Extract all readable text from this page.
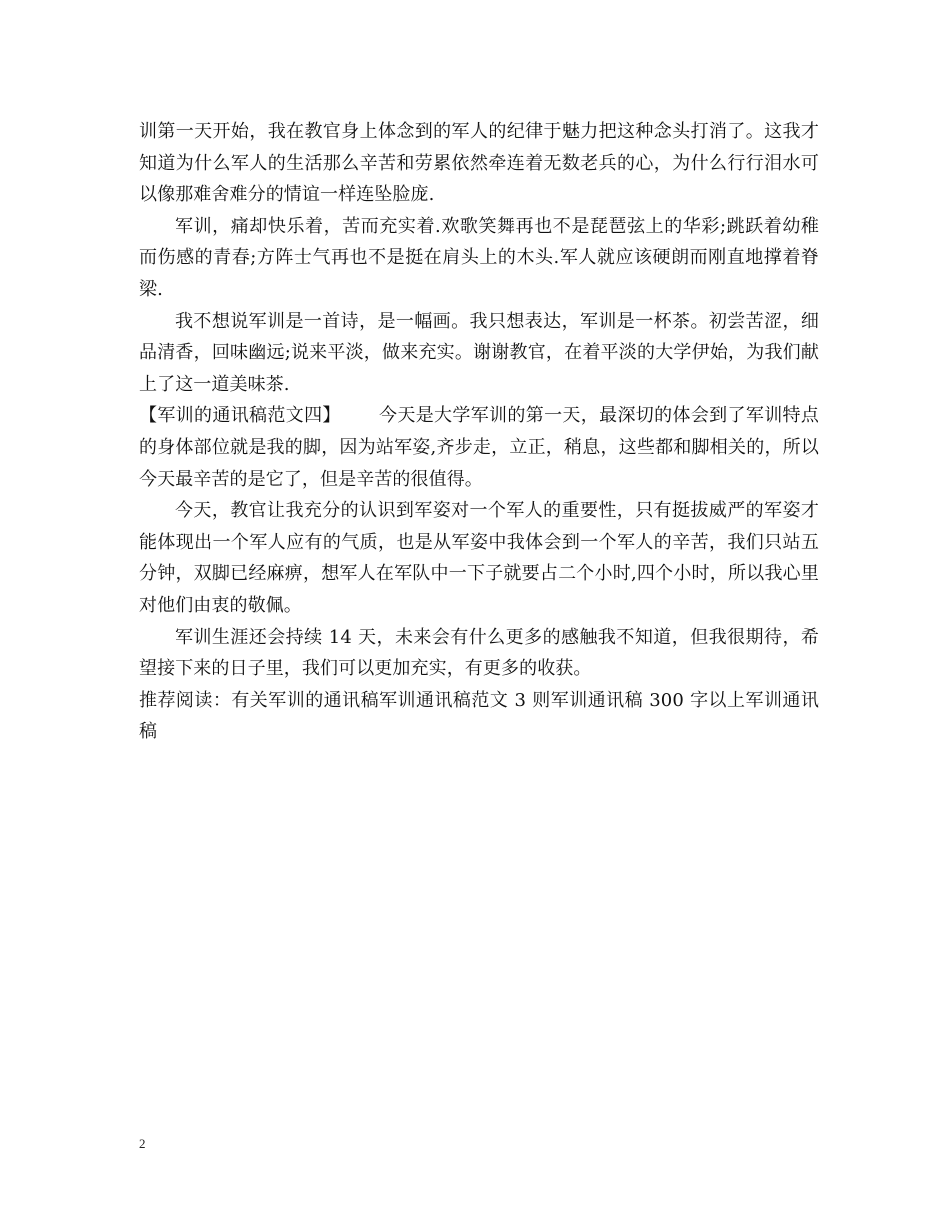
训第一天开始，我在教官身上体念到的军人的纪律于魅力把这种念头打消了。这我才知道为什么军人的生活那么辛苦和劳累依然牵连着无数老兵的心，为什么行行泪水可以像那难舍难分的情谊一样连坠脸庞.

军训，痛却快乐着，苦而充实着.欢歌笑舞再也不是琵琶弦上的华彩;跳跃着幼稚而伤感的青春;方阵士气再也不是挺在肩头上的木头.军人就应该硬朗而刚直地撑着脊梁.

我不想说军训是一首诗，是一幅画。我只想表达，军训是一杯茶。初尝苦涩，细品清香，回味幽远;说来平淡，做来充实。谢谢教官，在着平淡的大学伊始，为我们献上了这一道美味茶.

【军训的通讯稿范文四】 今天是大学军训的第一天，最深切的体会到了军训特点的身体部位就是我的脚，因为站军姿,齐步走，立正，稍息，这些都和脚相关的，所以今天最辛苦的是它了，但是辛苦的很值得。

今天，教官让我充分的认识到军姿对一个军人的重要性，只有挺拔威严的军姿才能体现出一个军人应有的气质，也是从军姿中我体会到一个军人的辛苦，我们只站五分钟，双脚已经麻痹，想军人在军队中一下子就要占二个小时,四个小时，所以我心里对他们由衷的敬佩。

军训生涯还会持续 14 天，未来会有什么更多的感触我不知道，但我很期待，希望接下来的日子里，我们可以更加充实，有更多的收获。

推荐阅读：有关军训的通讯稿军训通讯稿范文 3 则军训通讯稿 300 字以上军训通讯稿

2
